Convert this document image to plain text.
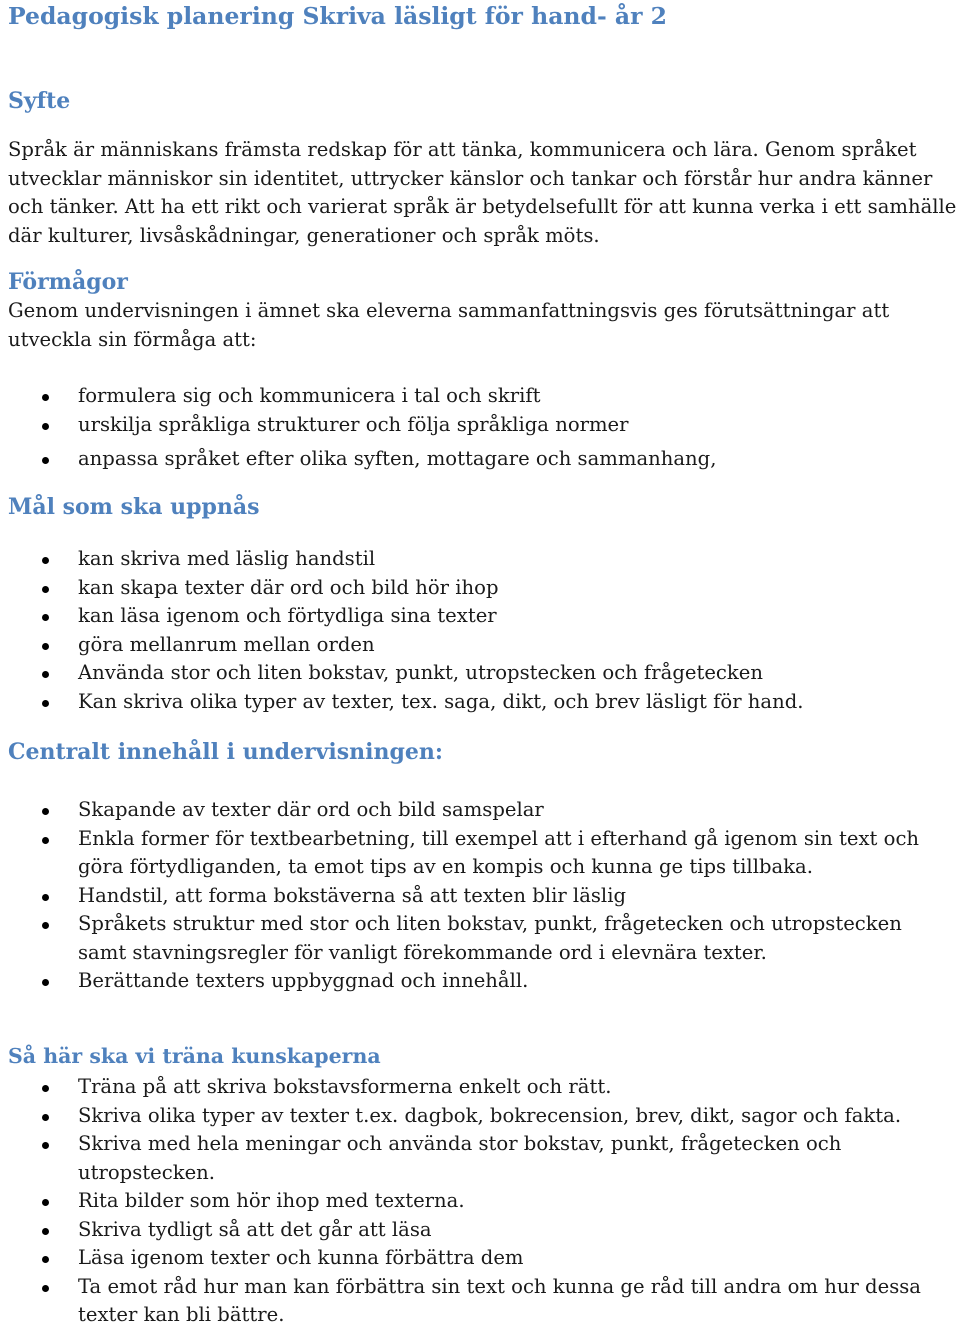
Pedagogisk planering Skriva läsligt för hand- år 2
Syfte

Språk är människans främsta redskap för att tänka, kommunicera och lära. Genom språket utvecklar människor sin identitet, uttrycker känslor och tankar och förstår hur andra känner och tänker. Att ha ett rikt och varierat språk är betydelsefullt för att kunna verka i ett samhälle där kulturer, livsåskådningar, generationer och språk möts.

Förmågor

Genom undervisningen i ämnet ska eleverna sammanfattningsvis ges förutsättningar att utveckla sin förmåga att:

formulera sig och kommunicera i tal och skrift
urskilja språkliga strukturer och följa språkliga normer
anpassa språket efter olika syften, mottagare och sammanhang,
Mål som ska uppnås
kan skriva med läslig handstil
kan skapa texter där ord och bild hör ihop
kan läsa igenom och förtydliga sina texter
göra mellanrum mellan orden
Använda stor och liten bokstav, punkt, utropstecken och frågetecken
Kan skriva olika typer av texter, tex. saga, dikt, och brev läsligt för hand.
Centralt innehåll i undervisningen:
Skapande av texter där ord och bild samspelar
Enkla former för textbearbetning, till exempel att i efterhand gå igenom sin text och göra förtydliganden, ta emot tips av en kompis och kunna ge tips tillbaka.
Handstil, att forma bokstäverna så att texten blir läslig
Språkets struktur med stor och liten bokstav, punkt, frågetecken och utropstecken samt stavningsregler för vanligt förekommande ord i elevnära texter.
Berättande texters uppbyggnad och innehåll.
Så här ska vi träna kunskaperna
Träna på att skriva bokstavsformerna enkelt och rätt.
Skriva olika typer av texter t.ex. dagbok, bokrecension, brev, dikt, sagor och fakta.
Skriva med hela meningar och använda stor bokstav, punkt, frågetecken och utropstecken.
Rita bilder som hör ihop med texterna.
Skriva tydligt så att det går att läsa
Läsa igenom texter och kunna förbättra dem
Ta emot råd hur man kan förbättra sin text och kunna ge råd till andra om hur dessa texter kan bli bättre.
